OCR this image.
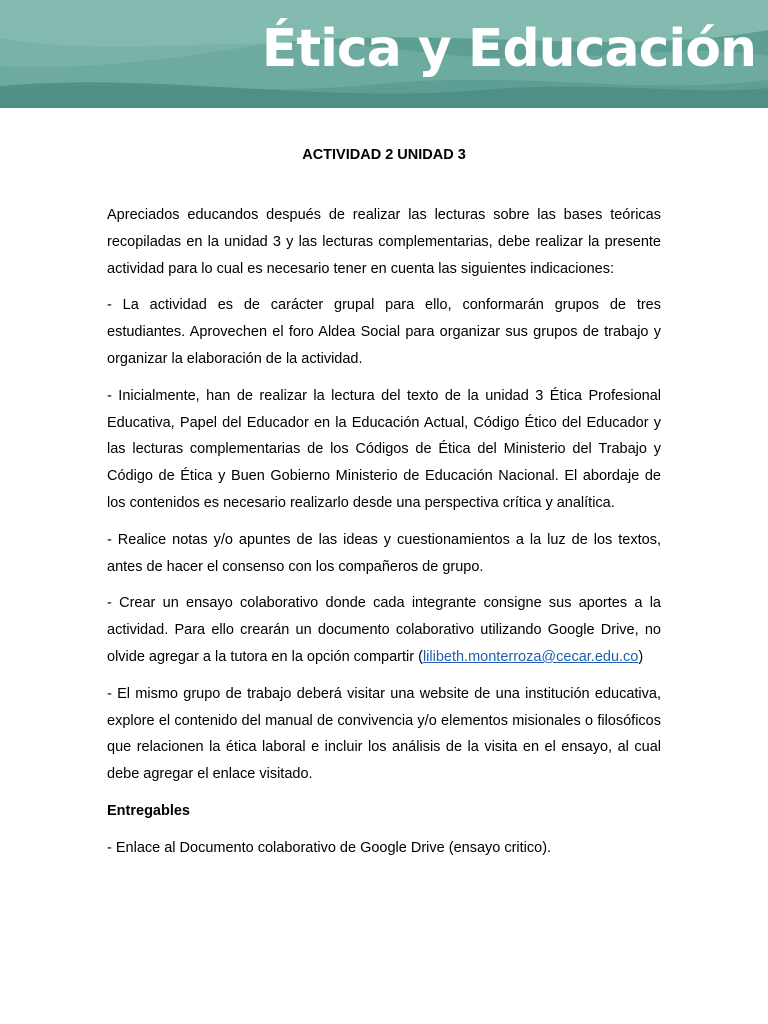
Ética y Educación
ACTIVIDAD 2 UNIDAD 3

Apreciados educandos después de realizar las lecturas sobre las bases teóricas recopiladas en la unidad 3 y las lecturas complementarias, debe realizar la presente actividad para lo cual es necesario tener en cuenta las siguientes indicaciones:

- La actividad es de carácter grupal para ello, conformarán grupos de tres estudiantes. Aprovechen el foro Aldea Social para organizar sus grupos de trabajo y organizar la elaboración de la actividad.

- Inicialmente, han de realizar la lectura del texto de la unidad 3 Ética Profesional Educativa, Papel del Educador en la Educación Actual, Código Ético del Educador y las lecturas complementarias de los Códigos de Ética del Ministerio del Trabajo y Código de Ética y Buen Gobierno Ministerio de Educación Nacional. El abordaje de los contenidos es necesario realizarlo desde una perspectiva crítica y analítica.

- Realice notas y/o apuntes de las ideas y cuestionamientos a la luz de los textos, antes de hacer el consenso con los compañeros de grupo.

- Crear un ensayo colaborativo donde cada integrante consigne sus aportes a la actividad. Para ello crearán un documento colaborativo utilizando Google Drive, no olvide agregar a la tutora en la opción compartir (lilibeth.monterroza@cecar.edu.co)

- El mismo grupo de trabajo deberá visitar una website de una institución educativa, explore el contenido del manual de convivencia y/o elementos misionales o filosóficos que relacionen la ética laboral e incluir los análisis de la visita en el ensayo, al cual debe agregar el enlace visitado.

Entregables

- Enlace al Documento colaborativo de Google Drive (ensayo critico).
